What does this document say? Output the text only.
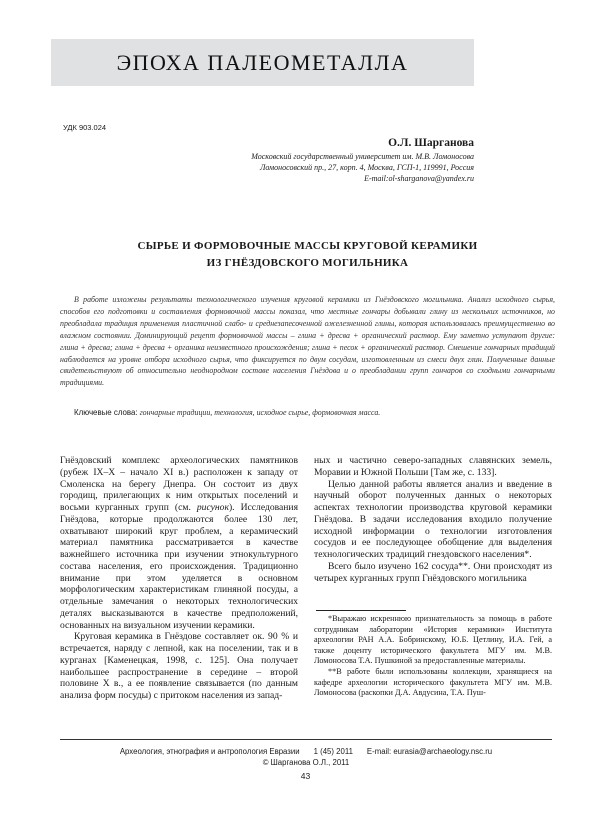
ЭПОХА ПАЛЕОМЕТАЛЛА
УДК 903.024
О.Л. Шарганова
Московский государственный университет им. М.В. Ломоносова
Ломоносовский пр., 27, корп. 4, Москва, ГСП-1, 119991, Россия
E-mail:ol-sharganova@yandex.ru
СЫРЬЕ И ФОРМОВОЧНЫЕ МАССЫ КРУГОВОЙ КЕРАМИКИ
ИЗ ГНЁЗДОВСКОГО МОГИЛЬНИКА
В работе изложены результаты технологического изучения круговой керамики из Гнёздовского могильника. Анализ исходного сырья, способов его подготовки и составления формовочной массы показал, что местные гончары добывали глину из нескольких источников, но преобладала традиция применения пластичной слабо- и среднезапесоченной ожелезненной глины, которая использовалась преимущественно во влажном состоянии. Доминирующий рецепт формовочной массы – глина + дресва + органический раствор. Ему заметно уступают другие: глина + дресва; глина + дресва + органика неизвестного происхождения; глина + песок + органический раствор. Смешение гончарных традиций наблюдается на уровне отбора исходного сырья, что фиксируется по двум сосудам, изготовленным из смеси двух глин. Полученные данные свидетельствуют об относительно неоднородном составе населения Гнёздова и о преобладании групп гончаров со сходными гончарными традициями.
Ключевые слова: гончарные традиции, технология, исходное сырье, формовочная масса.

Гнёздовский комплекс археологических памятников (рубеж IX–X – начало XI в.) расположен к западу от Смоленска на берегу Днепра. Он состоит из двух городищ, прилегающих к ним открытых поселений и восьми курганных групп (см. рисунок). Исследования Гнёздова, которые продолжаются более 130 лет, охватывают широкий круг проблем, а керамический материал памятника рассматривается в качестве важнейшего источника при изучении этнокультурного состава населения, его происхождения. Традиционно внимание при этом уделяется в основном морфологическим характеристикам глиняной посуды, а отдельные замечания о некоторых технологических деталях высказываются в качестве предположений, основанных на визуальном изучении керамики.

Круговая керамика в Гнёздове составляет ок. 90 % и встречается, наряду с лепной, как на поселении, так и в курганах [Каменецкая, 1998, с. 125]. Она получает наибольшее распространение в середине – второй половине X в., а ее появление связывается (по данным анализа форм посуды) с притоком населения из запад-

ных и частично северо-западных славянских земель, Моравии и Южной Польши [Там же, с. 133].

Целью данной работы является анализ и введение в научный оборот полученных данных о некоторых аспектах технологии производства круговой керамики Гнёздова. В задачи исследования входило получение исходной информации о технологии изготовления сосудов и ее последующее обобщение для выделения технологических традиций гнездовского населения*.

Всего было изучено 162 сосуда**. Они происходят из четырех курганных групп Гнёздовского могильника

*Выражаю искреннюю признательность за помощь в работе сотрудникам лаборатории «История керамики» Института археологии РАН А.А. Бобринскому, Ю.Б. Цетлину, И.А. Гей, а также доценту исторического факультета МГУ им. М.В. Ломоносова Т.А. Пушкиной за предоставленные материалы.

**В работе были использованы коллекции, хранящиеся на кафедре археологии исторического факультета МГУ им. М.В. Ломоносова (раскопки Д.А. Авдусина, Т.А. Пуш-

Археология, этнография и антропология Евразии 1 (45) 2011 E-mail: eurasia@archaeology.nsc.ru
© Шарганова О.Л., 2011
43
